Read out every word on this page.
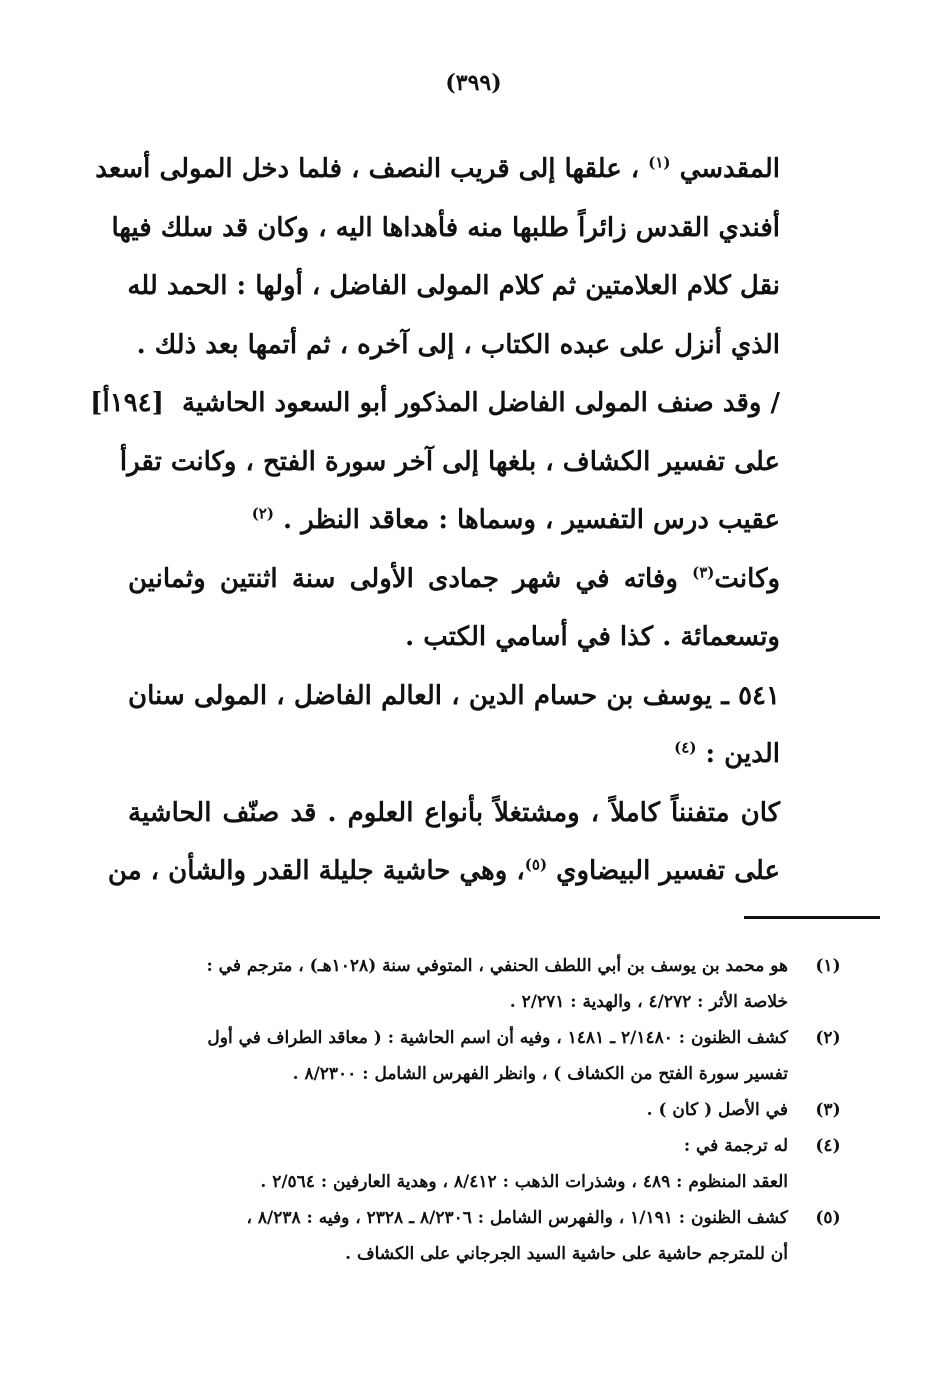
(٣٩٩)
المقدسي $^{(١)}$ ، علقها إلى قريب النصف ، فلما دخل المولى أسعد
أفندي القدس زائراً طلبها منه فأهداها اليه ، وكان قد سلك فيها
نقل كلام العلامتين ثم كلام المولى الفاضل ، أولها : الحمد لله
الذي أنزل على عبده الكتاب ، إلى آخره ، ثم أتمها بعد ذلك .
/ وقد صنف المولى الفاضل المذكور أبو السعود الحاشية  [١٩٤أ]
على تفسير الكشاف ، بلغها إلى آخر سورة الفتح ، وكانت تقرأ
عقيب درس التفسير ، وسماها : معاقد النظر . $^{(٢)}$
وكانت$^{(٣)}$ وفاته في شهر جمادى الأولى سنة اثنتين وثمانين
وتسعمائة . كذا في أسامي الكتب .
٥٤١ ـ يوسف بن حسام الدين ، العالم الفاضل ، المولى سنان
الدين : $^{(٤)}$
كان متفنناً كاملاً ، ومشتغلاً بأنواع العلوم . قد صنّف الحاشية
على تفسير البيضاوي $^{(٥)}$، وهي حاشية جليلة القدر والشأن ، من
(١)
هو محمد بن يوسف بن أبي اللطف الحنفي ، المتوفي سنة (١٠٢٨هـ) ، مترجم في :
خلاصة الأثر : ٤/٢٧٢ ، والهدية : ٢/٢٧١ .
(٢)
كشف الظنون : ٢/١٤٨٠ ـ ١٤٨١ ، وفيه أن اسم الحاشية : ( معاقد الطراف في أول
تفسير سورة الفتح من الكشاف ) ، وانظر الفهرس الشامل : ٨/٢٣٠٠ .
(٣)
في الأصل ( كان ) .
(٤)
له ترجمة في :
العقد المنظوم : ٤٨٩ ، وشذرات الذهب : ٨/٤١٢ ، وهدية العارفين : ٢/٥٦٤ .
(٥)
كشف الظنون : ١/١٩١ ، والفهرس الشامل : ٨/٢٣٠٦ ـ ٢٣٢٨ ، وفيه : ٨/٢٣٨ ،
أن للمترجم حاشية على حاشية السيد الجرجاني على الكشاف .
